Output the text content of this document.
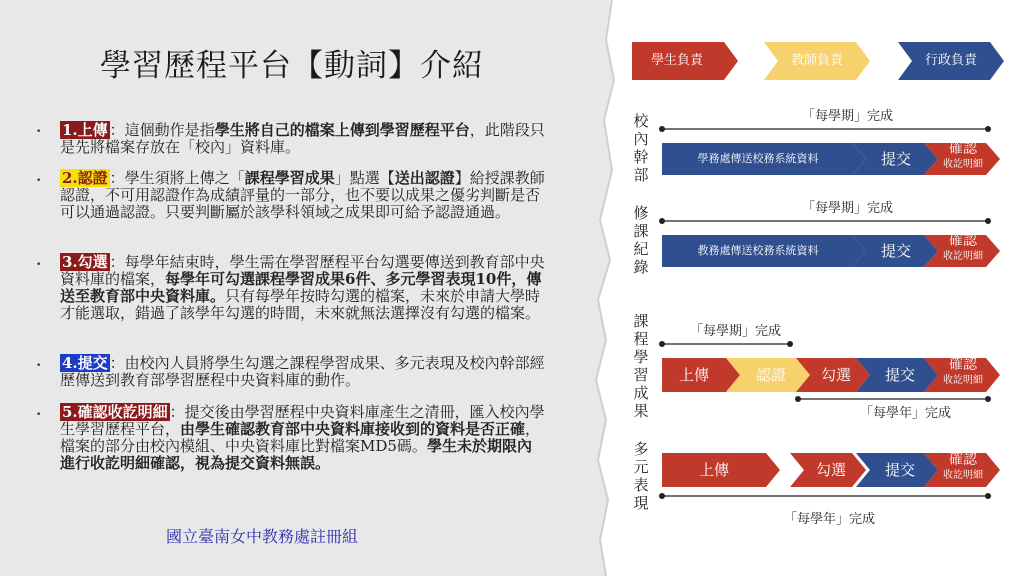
學習歷程平台【動詞】介紹
• 1.上傳 ：這個動作是指學生將自己的檔案上傳到學習歷程平台，此階段只是先將檔案存放在「校內」資料庫。
• 2.認證 ：學生須將上傳之「課程學習成果」點選【送出認證】給授課教師認證，不可用認證作為成績評量的一部分，也不要以成果之優劣判斷是否可以通過認證。只要判斷屬於該學科領域之成果即可給予認證通過。
• 3.勾選 ：每學年結束時，學生需在學習歷程平台勾選要傳送到教育部中央資料庫的檔案，每學年可勾選課程學習成果6件、多元學習表現10件，傳送至教育部中央資料庫。只有每學年按時勾選的檔案，未來於申請大學時才能選取，錯過了該學年勾選的時間，未來就無法選擇沒有勾選的檔案。
• 4.提交 ：由校內人員將學生勾選之課程學習成果、多元表現及校內幹部經歷傳送到教育部學習歷程中央資料庫的動作。
• 5.確認收訖明細 ：提交後由學習歷程中央資料庫產生之清冊，匯入校內學生學習歷程平台，由學生確認教育部中央資料庫接收到的資料是否正確，檔案的部分由校內模組、中央資料庫比對檔案MD5碼。學生未於期限內進行收訖明細確認，視為提交資料無誤。
國立臺南女中教務處註冊組
學生負責	教師負責	行政負責
校內幹部
「每學期」完成
學務處傳送校務系統資料	提交
確認
收訖明細
修課紀錄
「每學期」完成
教務處傳送校務系統資料	提交
確認
收訖明細
課程學習成果
「每學期」完成
上傳	認證	勾選	提交
確認
收訖明細
「每學年」完成
多元表現
上傳	勾選	提交
確認
收訖明細
「每學年」完成
